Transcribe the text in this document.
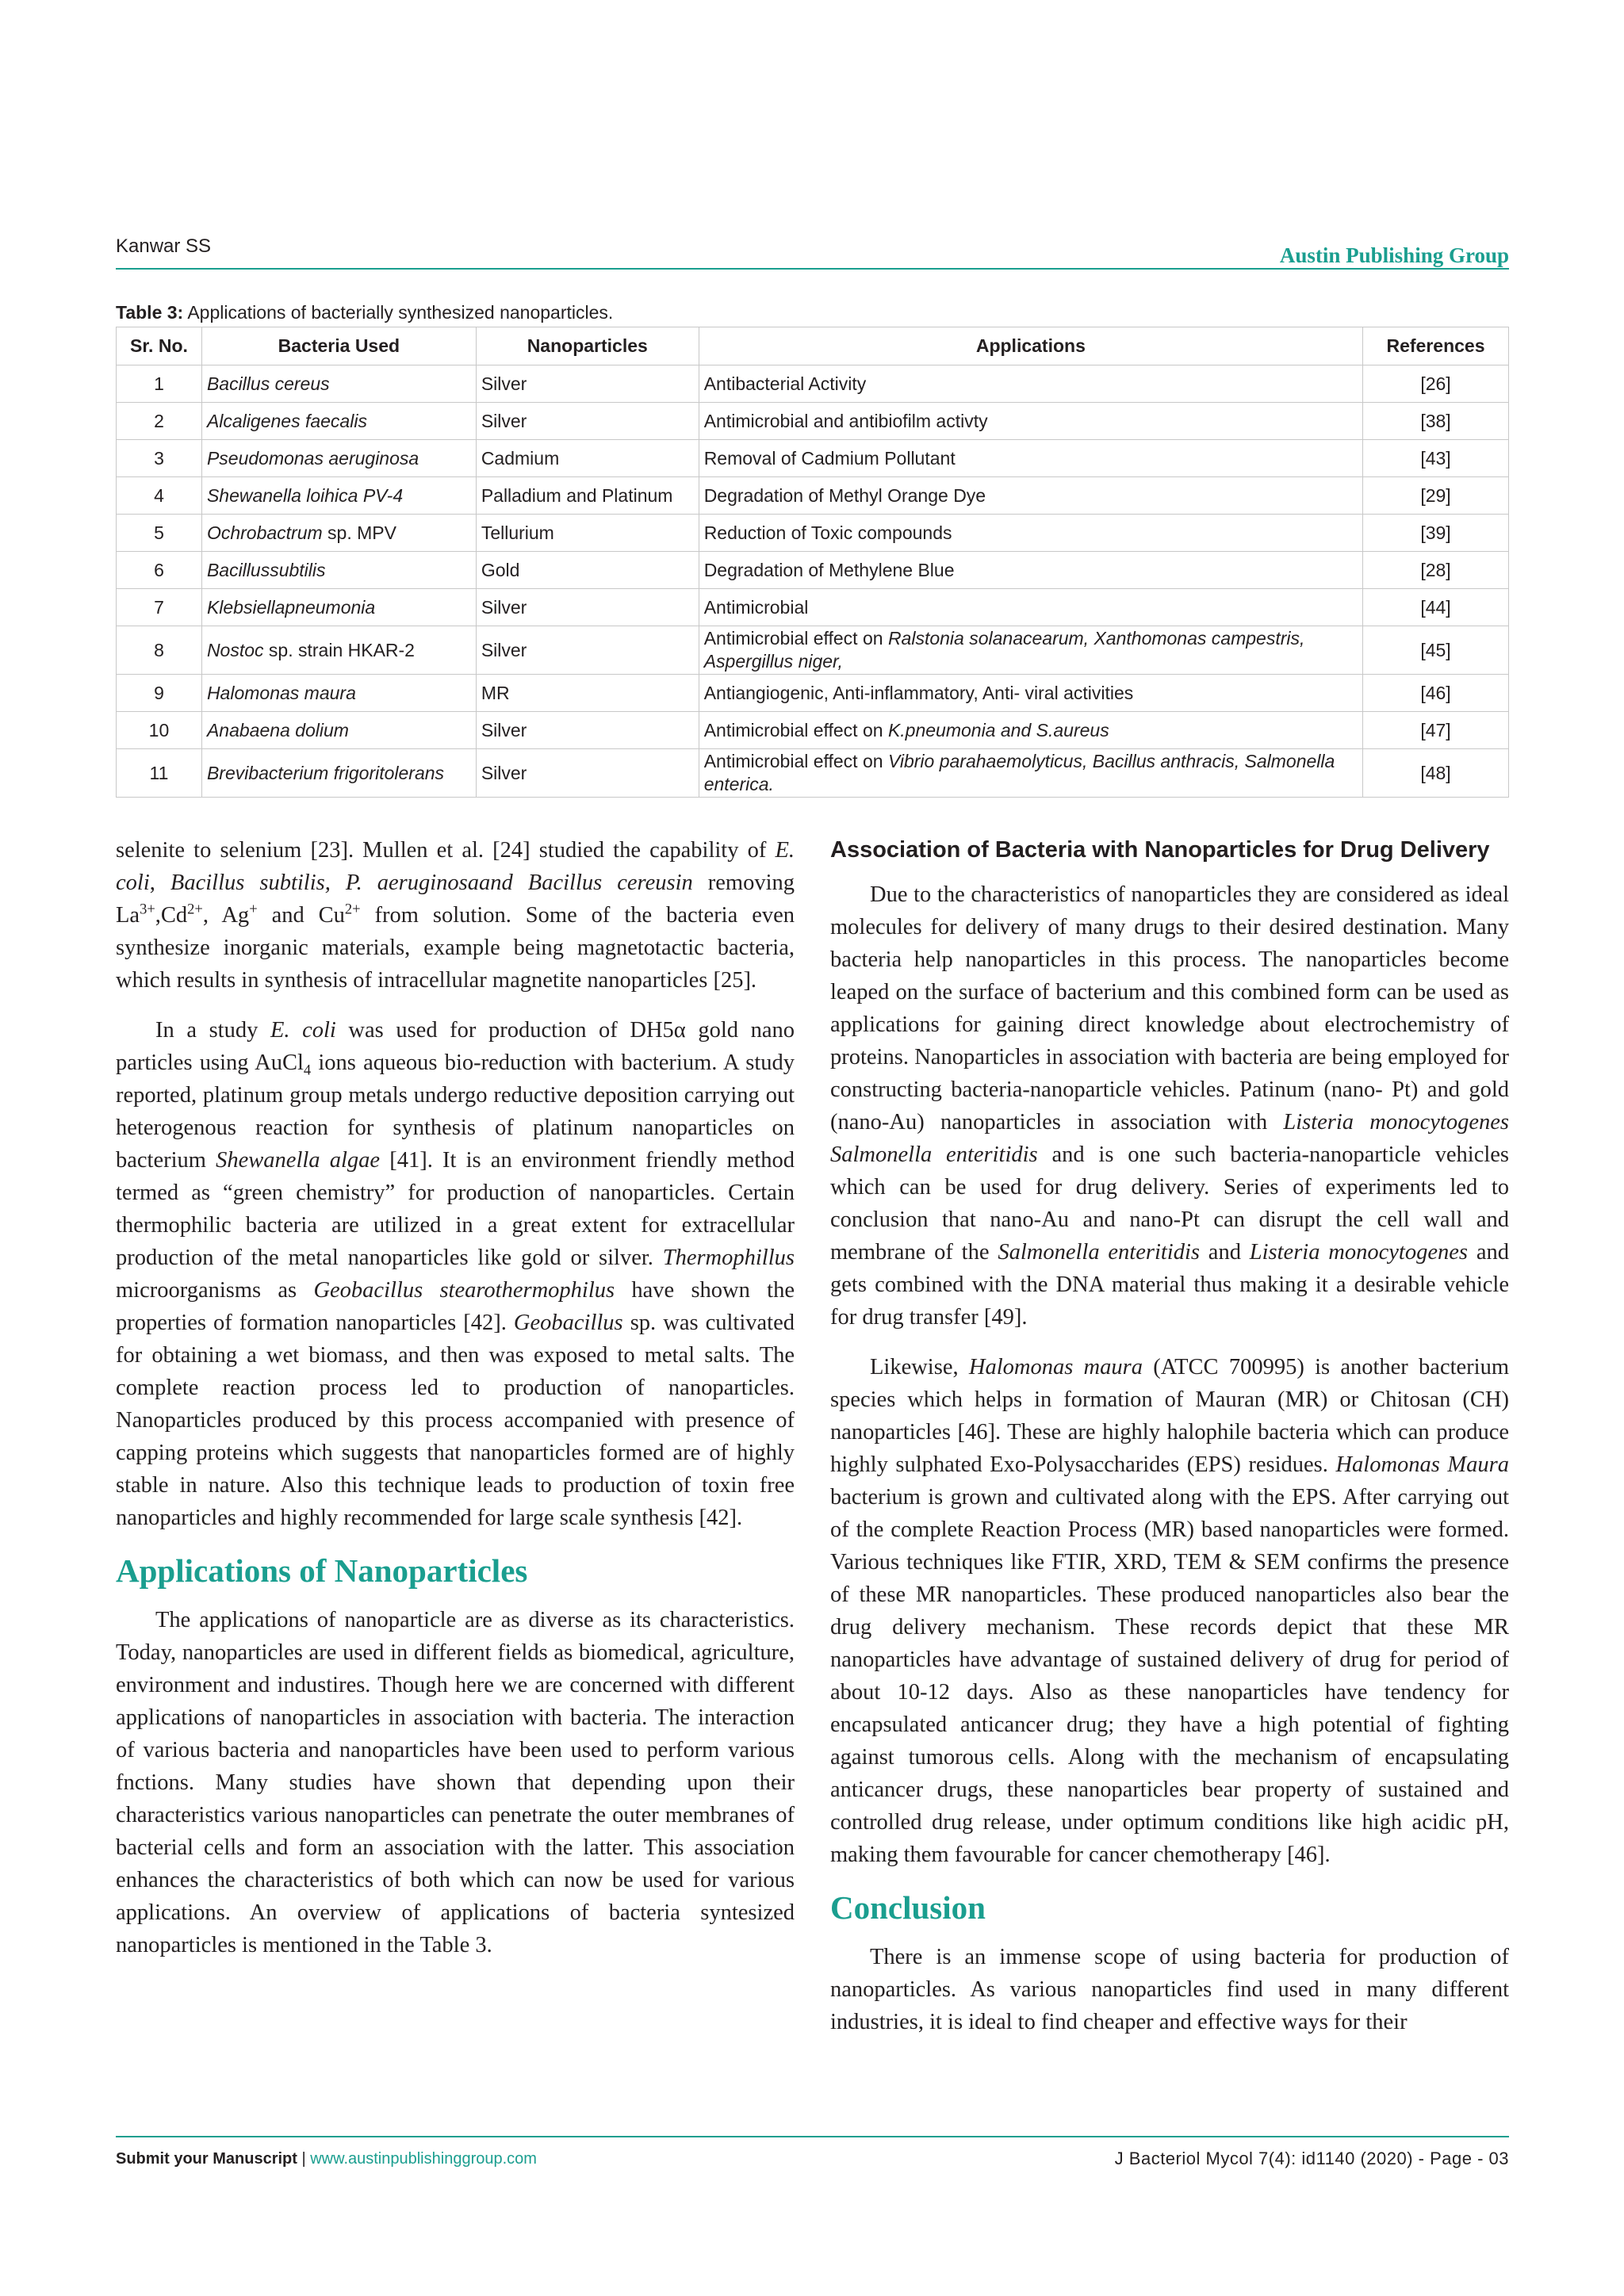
Kanwar SS	Austin Publishing Group
Table 3: Applications of bacterially synthesized nanoparticles.
Sr. No.	Bacteria Used	Nanoparticles	Applications	References
1	Bacillus cereus	Silver	Antibacterial Activity	[26]
2	Alcaligenes faecalis	Silver	Antimicrobial and antibiofilm activty	[38]
3	Pseudomonas aeruginosa	Cadmium	Removal of Cadmium Pollutant	[43]
4	Shewanella loihica PV-4	Palladium and Platinum	Degradation of Methyl Orange Dye	[29]
5	Ochrobactrum sp. MPV	Tellurium	Reduction of Toxic compounds	[39]
6	Bacillussubtilis	Gold	Degradation of Methylene Blue	[28]
7	Klebsiellapneumonia	Silver	Antimicrobial	[44]
8	Nostoc sp. strain HKAR-2	Silver	Antimicrobial effect on Ralstonia solanacearum, Xanthomonas campestris, Aspergillus niger,	[45]
9	Halomonas maura	MR	Antiangiogenic, Anti-inflammatory, Anti- viral activities	[46]
10	Anabaena dolium	Silver	Antimicrobial effect on K.pneumonia and S.aureus	[47]
11	Brevibacterium frigoritolerans	Silver	Antimicrobial effect on Vibrio parahaemolyticus, Bacillus anthracis, Salmonella enterica.	[48]

selenite to selenium [23]. Mullen et al. [24] studied the capability of E. coli, Bacillus subtilis, P. aeruginosaand Bacillus cereusin removing $La^{3+},Cd^{2+}$, Ag+ and $Cu^{2+}$ from solution. Some of the bacteria even synthesize inorganic materials, example being magnetotactic bacteria, which results in synthesis of intracellular magnetite nanoparticles [25].

In a study E. coli was used for production of DH5α gold nano particles using AuCl$_4$ ions aqueous bio-reduction with bacterium. A study reported, platinum group metals undergo reductive deposition carrying out heterogenous reaction for synthesis of platinum nanoparticles on bacterium Shewanella algae [41]. It is an environment friendly method termed as “green chemistry” for production of nanoparticles. Certain thermophilic bacteria are utilized in a great extent for extracellular production of the metal nanoparticles like gold or silver. Thermophillus microorganisms as Geobacillus stearothermophilus have shown the properties of formation nanoparticles [42]. Geobacillus sp. was cultivated for obtaining a wet biomass, and then was exposed to metal salts. The complete reaction process led to production of nanoparticles. Nanoparticles produced by this process accompanied with presence of capping proteins which suggests that nanoparticles formed are of highly stable in nature. Also this technique leads to production of toxin free nanoparticles and highly recommended for large scale synthesis [42].

Applications of Nanoparticles

The applications of nanoparticle are as diverse as its characteristics. Today, nanoparticles are used in different fields as biomedical, agriculture, environment and industires. Though here we are concerned with different applications of nanoparticles in association with bacteria. The interaction of various bacteria and nanoparticles have been used to perform various fnctions. Many studies have shown that depending upon their characteristics various nanoparticles can penetrate the outer membranes of bacterial cells and form an association with the latter. This association enhances the characteristics of both which can now be used for various applications. An overview of applications of bacteria syntesized nanoparticles is mentioned in the Table 3.

Association of Bacteria with Nanoparticles for Drug Delivery

Due to the characteristics of nanoparticles they are considered as ideal molecules for delivery of many drugs to their desired destination. Many bacteria help nanoparticles in this process. The nanoparticles become leaped on the surface of bacterium and this combined form can be used as applications for gaining direct knowledge about electrochemistry of proteins. Nanoparticles in association with bacteria are being employed for constructing bacteria-nanoparticle vehicles. Patinum (nano- Pt) and gold (nano-Au) nanoparticles in association with Listeria monocytogenes Salmonella enteritidis and is one such bacteria-nanoparticle vehicles which can be used for drug delivery. Series of experiments led to conclusion that nano-Au and nano-Pt can disrupt the cell wall and membrane of the Salmonella enteritidis and Listeria monocytogenes and gets combined with the DNA material thus making it a desirable vehicle for drug transfer [49].

Likewise, Halomonas maura (ATCC 700995) is another bacterium species which helps in formation of Mauran (MR) or Chitosan (CH) nanoparticles [46]. These are highly halophile bacteria which can produce highly sulphated Exo-Polysaccharides (EPS) residues. Halomonas Maura bacterium is grown and cultivated along with the EPS. After carrying out of the complete Reaction Process (MR) based nanoparticles were formed. Various techniques like FTIR, XRD, TEM & SEM confirms the presence of these MR nanoparticles. These produced nanoparticles also bear the drug delivery mechanism. These records depict that these MR nanoparticles have advantage of sustained delivery of drug for period of about 10-12 days. Also as these nanoparticles have tendency for encapsulated anticancer drug; they have a high potential of fighting against tumorous cells. Along with the mechanism of encapsulating anticancer drugs, these nanoparticles bear property of sustained and controlled drug release, under optimum conditions like high acidic pH, making them favourable for cancer chemotherapy [46].

Conclusion

There is an immense scope of using bacteria for production of nanoparticles. As various nanoparticles find used in many different industries, it is ideal to find cheaper and effective ways for their

Submit your Manuscript | www.austinpublishinggroup.com	J Bacteriol Mycol 7(4): id1140 (2020) - Page - 03
